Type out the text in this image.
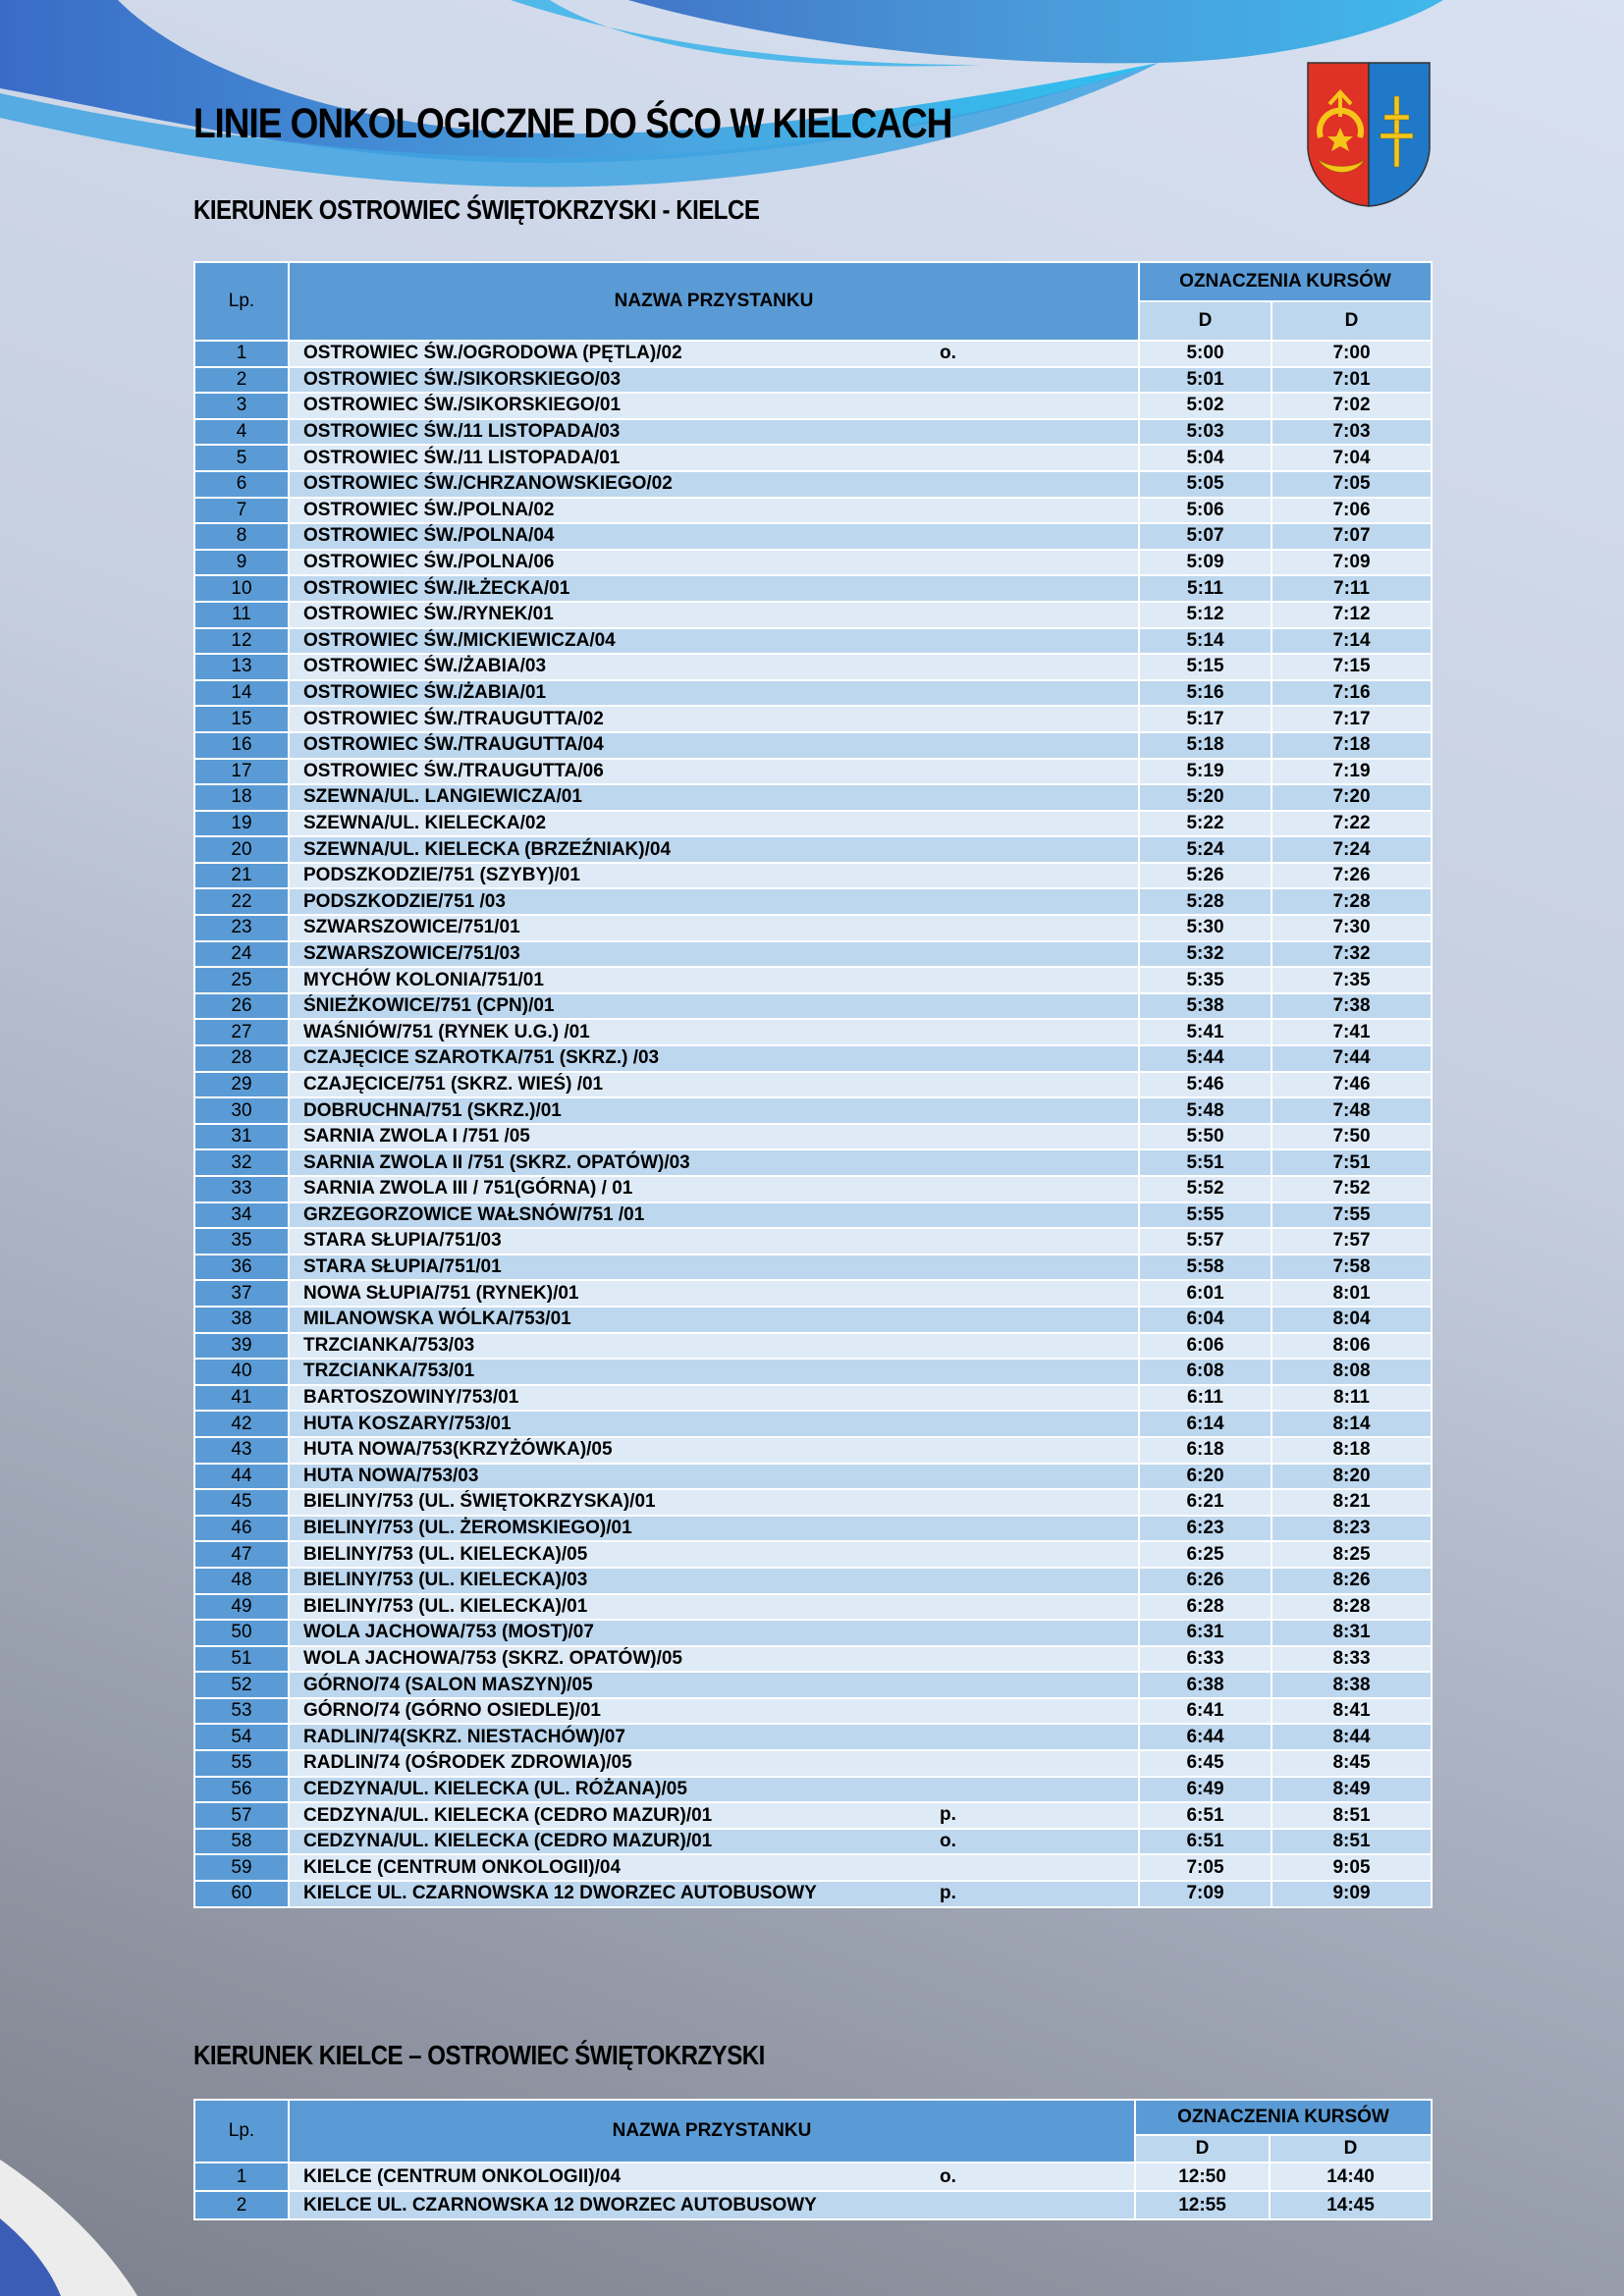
LINIE ONKOLOGICZNE DO ŚCO W KIELCACH
KIERUNEK OSTROWIEC ŚWIĘTOKRZYSKI - KIELCE
Lp.	NAZWA PRZYSTANKU	OZNACZENIA KURSÓW	
		D	D
1	OSTROWIEC ŚW./OGRODOWA (PĘTLA)/02 o.	5:00	7:00
2	OSTROWIEC ŚW./SIKORSKIEGO/03	5:01	7:01
3	OSTROWIEC ŚW./SIKORSKIEGO/01	5:02	7:02
4	OSTROWIEC ŚW./11 LISTOPADA/03	5:03	7:03
5	OSTROWIEC ŚW./11 LISTOPADA/01	5:04	7:04
6	OSTROWIEC ŚW./CHRZANOWSKIEGO/02	5:05	7:05
7	OSTROWIEC ŚW./POLNA/02	5:06	7:06
8	OSTROWIEC ŚW./POLNA/04	5:07	7:07
9	OSTROWIEC ŚW./POLNA/06	5:09	7:09
10	OSTROWIEC ŚW./IŁŻECKA/01	5:11	7:11
11	OSTROWIEC ŚW./RYNEK/01	5:12	7:12
12	OSTROWIEC ŚW./MICKIEWICZA/04	5:14	7:14
13	OSTROWIEC ŚW./ŻABIA/03	5:15	7:15
14	OSTROWIEC ŚW./ŻABIA/01	5:16	7:16
15	OSTROWIEC ŚW./TRAUGUTTA/02	5:17	7:17
16	OSTROWIEC ŚW./TRAUGUTTA/04	5:18	7:18
17	OSTROWIEC ŚW./TRAUGUTTA/06	5:19	7:19
18	SZEWNA/UL. LANGIEWICZA/01	5:20	7:20
19	SZEWNA/UL. KIELECKA/02	5:22	7:22
20	SZEWNA/UL. KIELECKA (BRZEŹNIAK)/04	5:24	7:24
21	PODSZKODZIE/751 (SZYBY)/01	5:26	7:26
22	PODSZKODZIE/751 /03	5:28	7:28
23	SZWARSZOWICE/751/01	5:30	7:30
24	SZWARSZOWICE/751/03	5:32	7:32
25	MYCHÓW KOLONIA/751/01	5:35	7:35
26	ŚNIEŻKOWICE/751 (CPN)/01	5:38	7:38
27	WAŚNIÓW/751 (RYNEK U.G.) /01	5:41	7:41
28	CZAJĘCICE SZAROTKA/751 (SKRZ.) /03	5:44	7:44
29	CZAJĘCICE/751 (SKRZ. WIEŚ) /01	5:46	7:46
30	DOBRUCHNA/751 (SKRZ.)/01	5:48	7:48
31	SARNIA ZWOLA I /751 /05	5:50	7:50
32	SARNIA ZWOLA II /751 (SKRZ. OPATÓW)/03	5:51	7:51
33	SARNIA ZWOLA III / 751(GÓRNA) / 01	5:52	7:52
34	GRZEGORZOWICE WAŁSNÓW/751 /01	5:55	7:55
35	STARA SŁUPIA/751/03	5:57	7:57
36	STARA SŁUPIA/751/01	5:58	7:58
37	NOWA SŁUPIA/751 (RYNEK)/01	6:01	8:01
38	MILANOWSKA WÓLKA/753/01	6:04	8:04
39	TRZCIANKA/753/03	6:06	8:06
40	TRZCIANKA/753/01	6:08	8:08
41	BARTOSZOWINY/753/01	6:11	8:11
42	HUTA KOSZARY/753/01	6:14	8:14
43	HUTA NOWA/753(KRZYŻÓWKA)/05	6:18	8:18
44	HUTA NOWA/753/03	6:20	8:20
45	BIELINY/753 (UL. ŚWIĘTOKRZYSKA)/01	6:21	8:21
46	BIELINY/753 (UL. ŻEROMSKIEGO)/01	6:23	8:23
47	BIELINY/753 (UL. KIELECKA)/05	6:25	8:25
48	BIELINY/753 (UL. KIELECKA)/03	6:26	8:26
49	BIELINY/753 (UL. KIELECKA)/01	6:28	8:28
50	WOLA JACHOWA/753 (MOST)/07	6:31	8:31
51	WOLA JACHOWA/753 (SKRZ. OPATÓW)/05	6:33	8:33
52	GÓRNO/74 (SALON MASZYN)/05	6:38	8:38
53	GÓRNO/74 (GÓRNO OSIEDLE)/01	6:41	8:41
54	RADLIN/74(SKRZ. NIESTACHÓW)/07	6:44	8:44
55	RADLIN/74 (OŚRODEK ZDROWIA)/05	6:45	8:45
56	CEDZYNA/UL. KIELECKA (UL. RÓŻANA)/05	6:49	8:49
57	CEDZYNA/UL. KIELECKA (CEDRO MAZUR)/01 p.	6:51	8:51
58	CEDZYNA/UL. KIELECKA (CEDRO MAZUR)/01 o.	6:51	8:51
59	KIELCE (CENTRUM ONKOLOGII)/04	7:05	9:05
60	KIELCE UL. CZARNOWSKA 12 DWORZEC AUTOBUSOWY p.	7:09	9:09
KIERUNEK KIELCE – OSTROWIEC ŚWIĘTOKRZYSKI
Lp.	NAZWA PRZYSTANKU	OZNACZENIA KURSÓW	
		D	D
1	KIELCE (CENTRUM ONKOLOGII)/04 o.	12:50	14:40
2	KIELCE UL. CZARNOWSKA 12 DWORZEC AUTOBUSOWY	12:55	14:45
